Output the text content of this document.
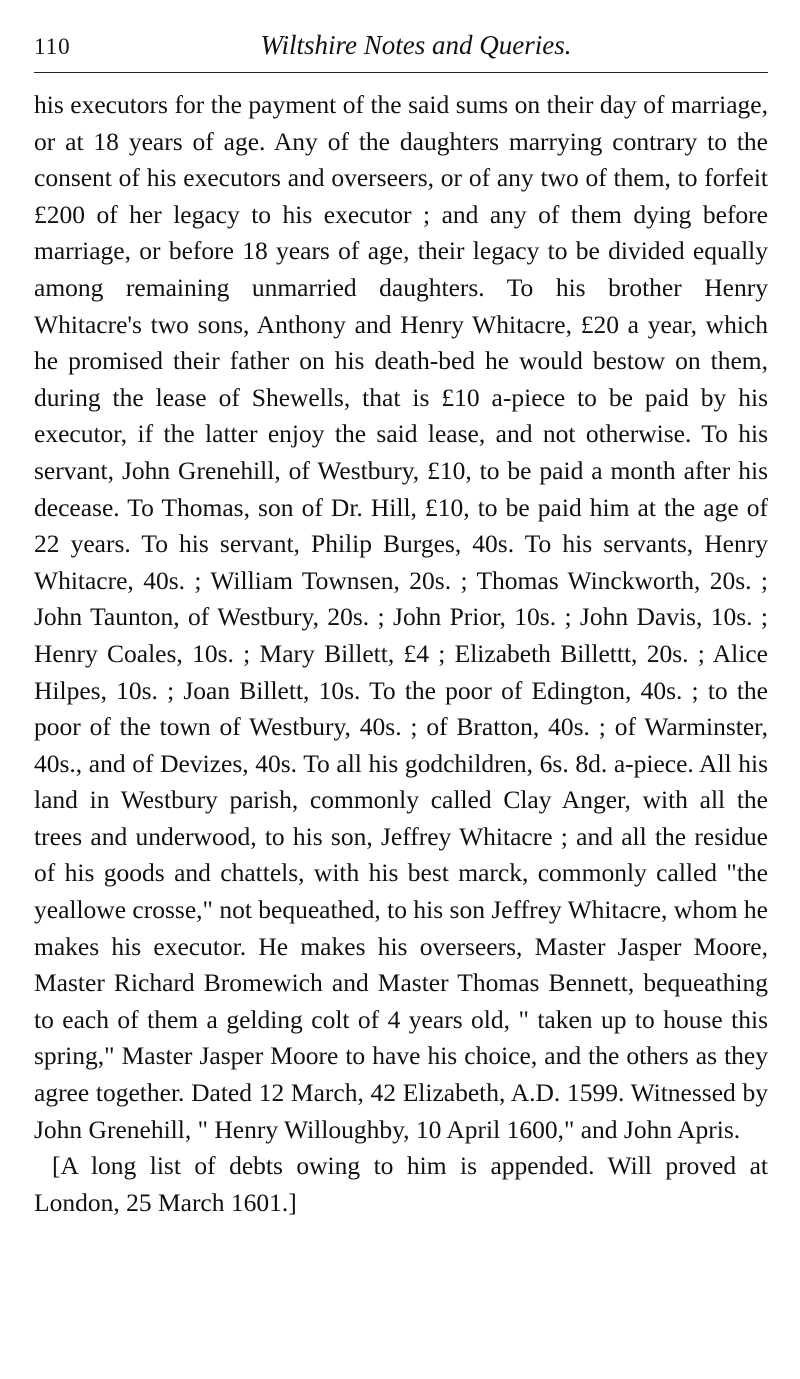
110	Wiltshire Notes and Queries.

his executors for the payment of the said sums on their day of marriage, or at 18 years of age. Any of the daughters marrying contrary to the consent of his executors and overseers, or of any two of them, to forfeit £200 of her legacy to his executor ; and any of them dying before marriage, or before 18 years of age, their legacy to be divided equally among remaining unmarried daughters. To his brother Henry Whitacre's two sons, Anthony and Henry Whitacre, £20 a year, which he promised their father on his death-bed he would bestow on them, during the lease of Shewells, that is £10 a-piece to be paid by his executor, if the latter enjoy the said lease, and not otherwise. To his servant, John Grenehill, of Westbury, £10, to be paid a month after his decease. To Thomas, son of Dr. Hill, £10, to be paid him at the age of 22 years. To his servant, Philip Burges, 40s. To his servants, Henry Whitacre, 40s. ; William Townsen, 20s. ; Thomas Winckworth, 20s. ; John Taunton, of Westbury, 20s. ; John Prior, 10s. ; John Davis, 10s. ; Henry Coales, 10s. ; Mary Billett, £4 ; Elizabeth Billettt, 20s. ; Alice Hilpes, 10s. ; Joan Billett, 10s. To the poor of Edington, 40s. ; to the poor of the town of Westbury, 40s. ; of Bratton, 40s. ; of Warminster, 40s., and of Devizes, 40s. To all his godchildren, 6s. 8d. a-piece. All his land in Westbury parish, commonly called Clay Anger, with all the trees and underwood, to his son, Jeffrey Whitacre ; and all the residue of his goods and chattels, with his best marck, commonly called "the yeallowe crosse," not bequeathed, to his son Jeffrey Whitacre, whom he makes his executor. He makes his overseers, Master Jasper Moore, Master Richard Bromewich and Master Thomas Bennett, bequeathing to each of them a gelding colt of 4 years old, " taken up to house this spring," Master Jasper Moore to have his choice, and the others as they agree together. Dated 12 March, 42 Elizabeth, A.D. 1599. Witnessed by John Grenehill, " Henry Willoughby, 10 April 1600," and John Apris.

[A long list of debts owing to him is appended. Will proved at London, 25 March 1601.]
